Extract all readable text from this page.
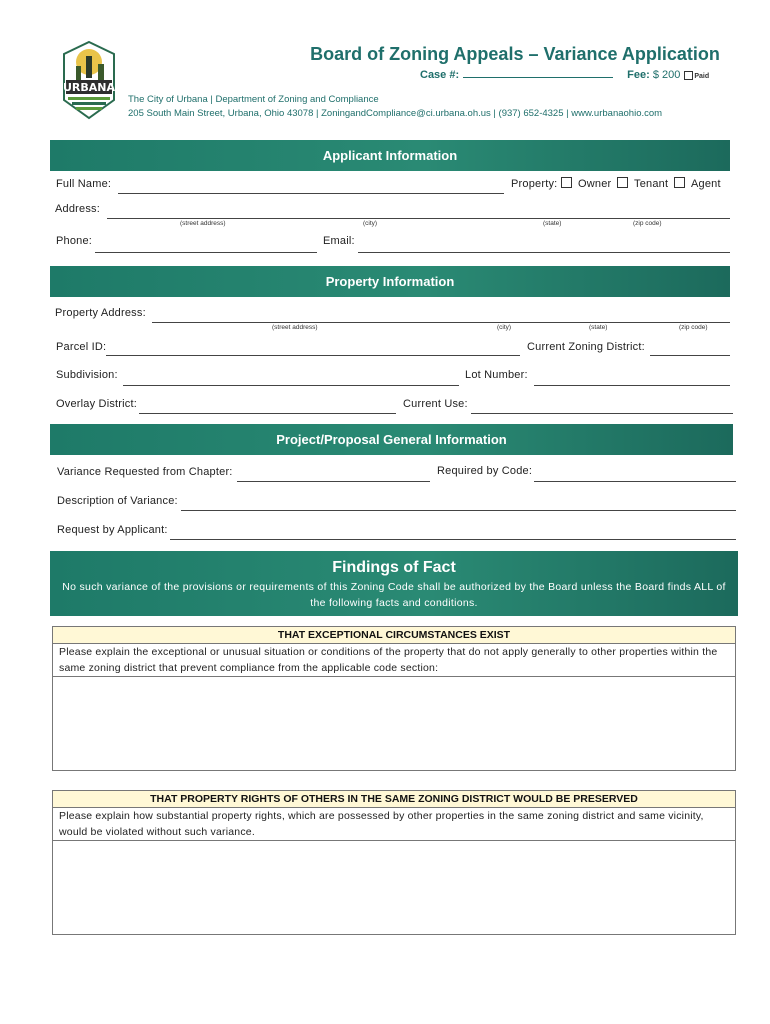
URBANA
Board of Zoning Appeals – Variance Application
Case #:	Fee: $ 200 Paid
The City of Urbana | Department of Zoning and Compliance
205 South Main Street, Urbana, Ohio 43078 | ZoningandCompliance@ci.urbana.oh.us | (937) 652-4325 | www.urbanaohio.com
Applicant Information
Full Name:	Property: Owner Tenant Agent
Address:
(street address)	(city)	(state)	(zip code)
Phone:	Email:
Property Information
Property Address:
(street address)	(city)	(state)	(zip code)
Parcel ID:	Current Zoning District:
Subdivision:	Lot Number:
Overlay District:	Current Use:
Project/Proposal General Information
Variance Requested from Chapter:	Required by Code:
Description of Variance:
Request by Applicant:
Findings of Fact
No such variance of the provisions or requirements of this Zoning Code shall be authorized by the Board unless the Board finds ALL of the following facts and conditions.
THAT EXCEPTIONAL CIRCUMSTANCES EXIST
Please explain the exceptional or unusual situation or conditions of the property that do not apply generally to other properties within the same zoning district that prevent compliance from the applicable code section:
THAT PROPERTY RIGHTS OF OTHERS IN THE SAME ZONING DISTRICT WOULD BE PRESERVED
Please explain how substantial property rights, which are possessed by other properties in the same zoning district and same vicinity, would be violated without such variance.
